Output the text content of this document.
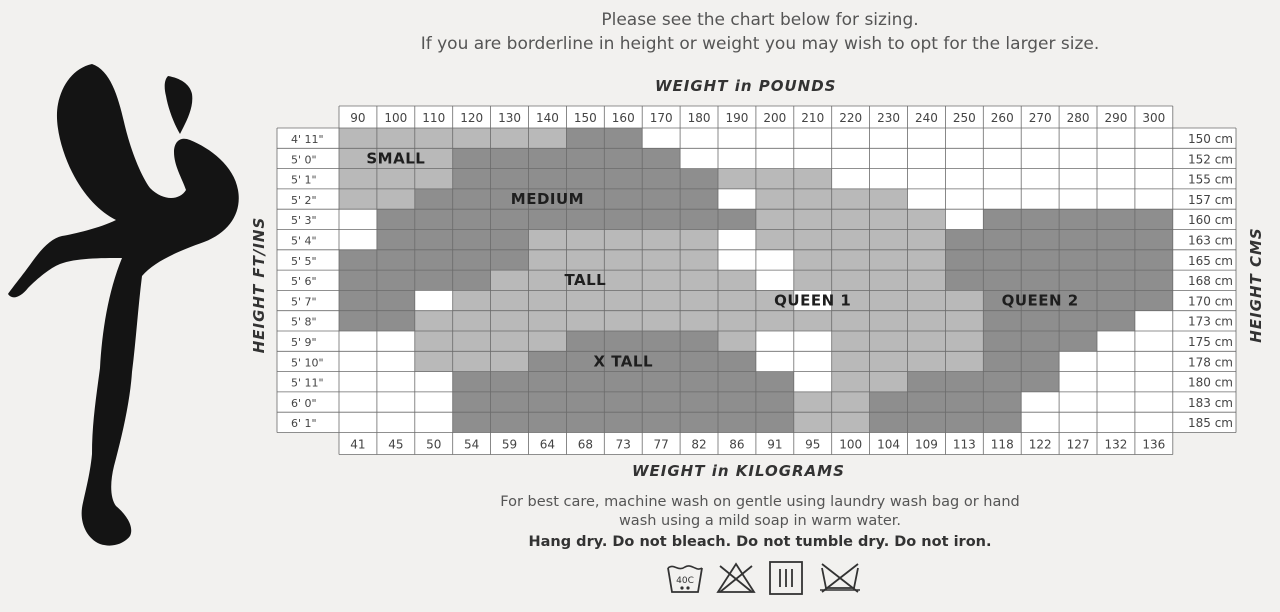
Please see the chart below for sizing.
If you are borderline in height or weight you may wish to opt for the larger size.
WEIGHT in POUNDS
WEIGHT in KILOGRAMS
HEIGHT FT/INS	HEIGHT CMS
90 100 110 120 130 140 150 160 170 180 190 200 210 220 230 240 250 260 270 280 290 300
41 45 50 54 59 64 68 73 77 82 86 91 95 100 104 109 113 118 122 127 132 136
4' 11"
5' 0"
5' 1"
5' 2"
5' 3"
5' 4"
5' 5"
5' 6"
5' 7"
5' 8"
5' 9"
5' 10"
5' 11"
6' 0"
6' 1"
150 cm
152 cm
155 cm
157 cm
160 cm
163 cm
165 cm
168 cm
170 cm
173 cm
175 cm
178 cm
180 cm
183 cm
185 cm
SMALL
MEDIUM
TALL
X TALL
QUEEN 1	QUEEN 2
For best care, machine wash on gentle using laundry wash bag or hand
wash using a mild soap in warm water.
Hang dry. Do not bleach. Do not tumble dry. Do not iron.
40C
